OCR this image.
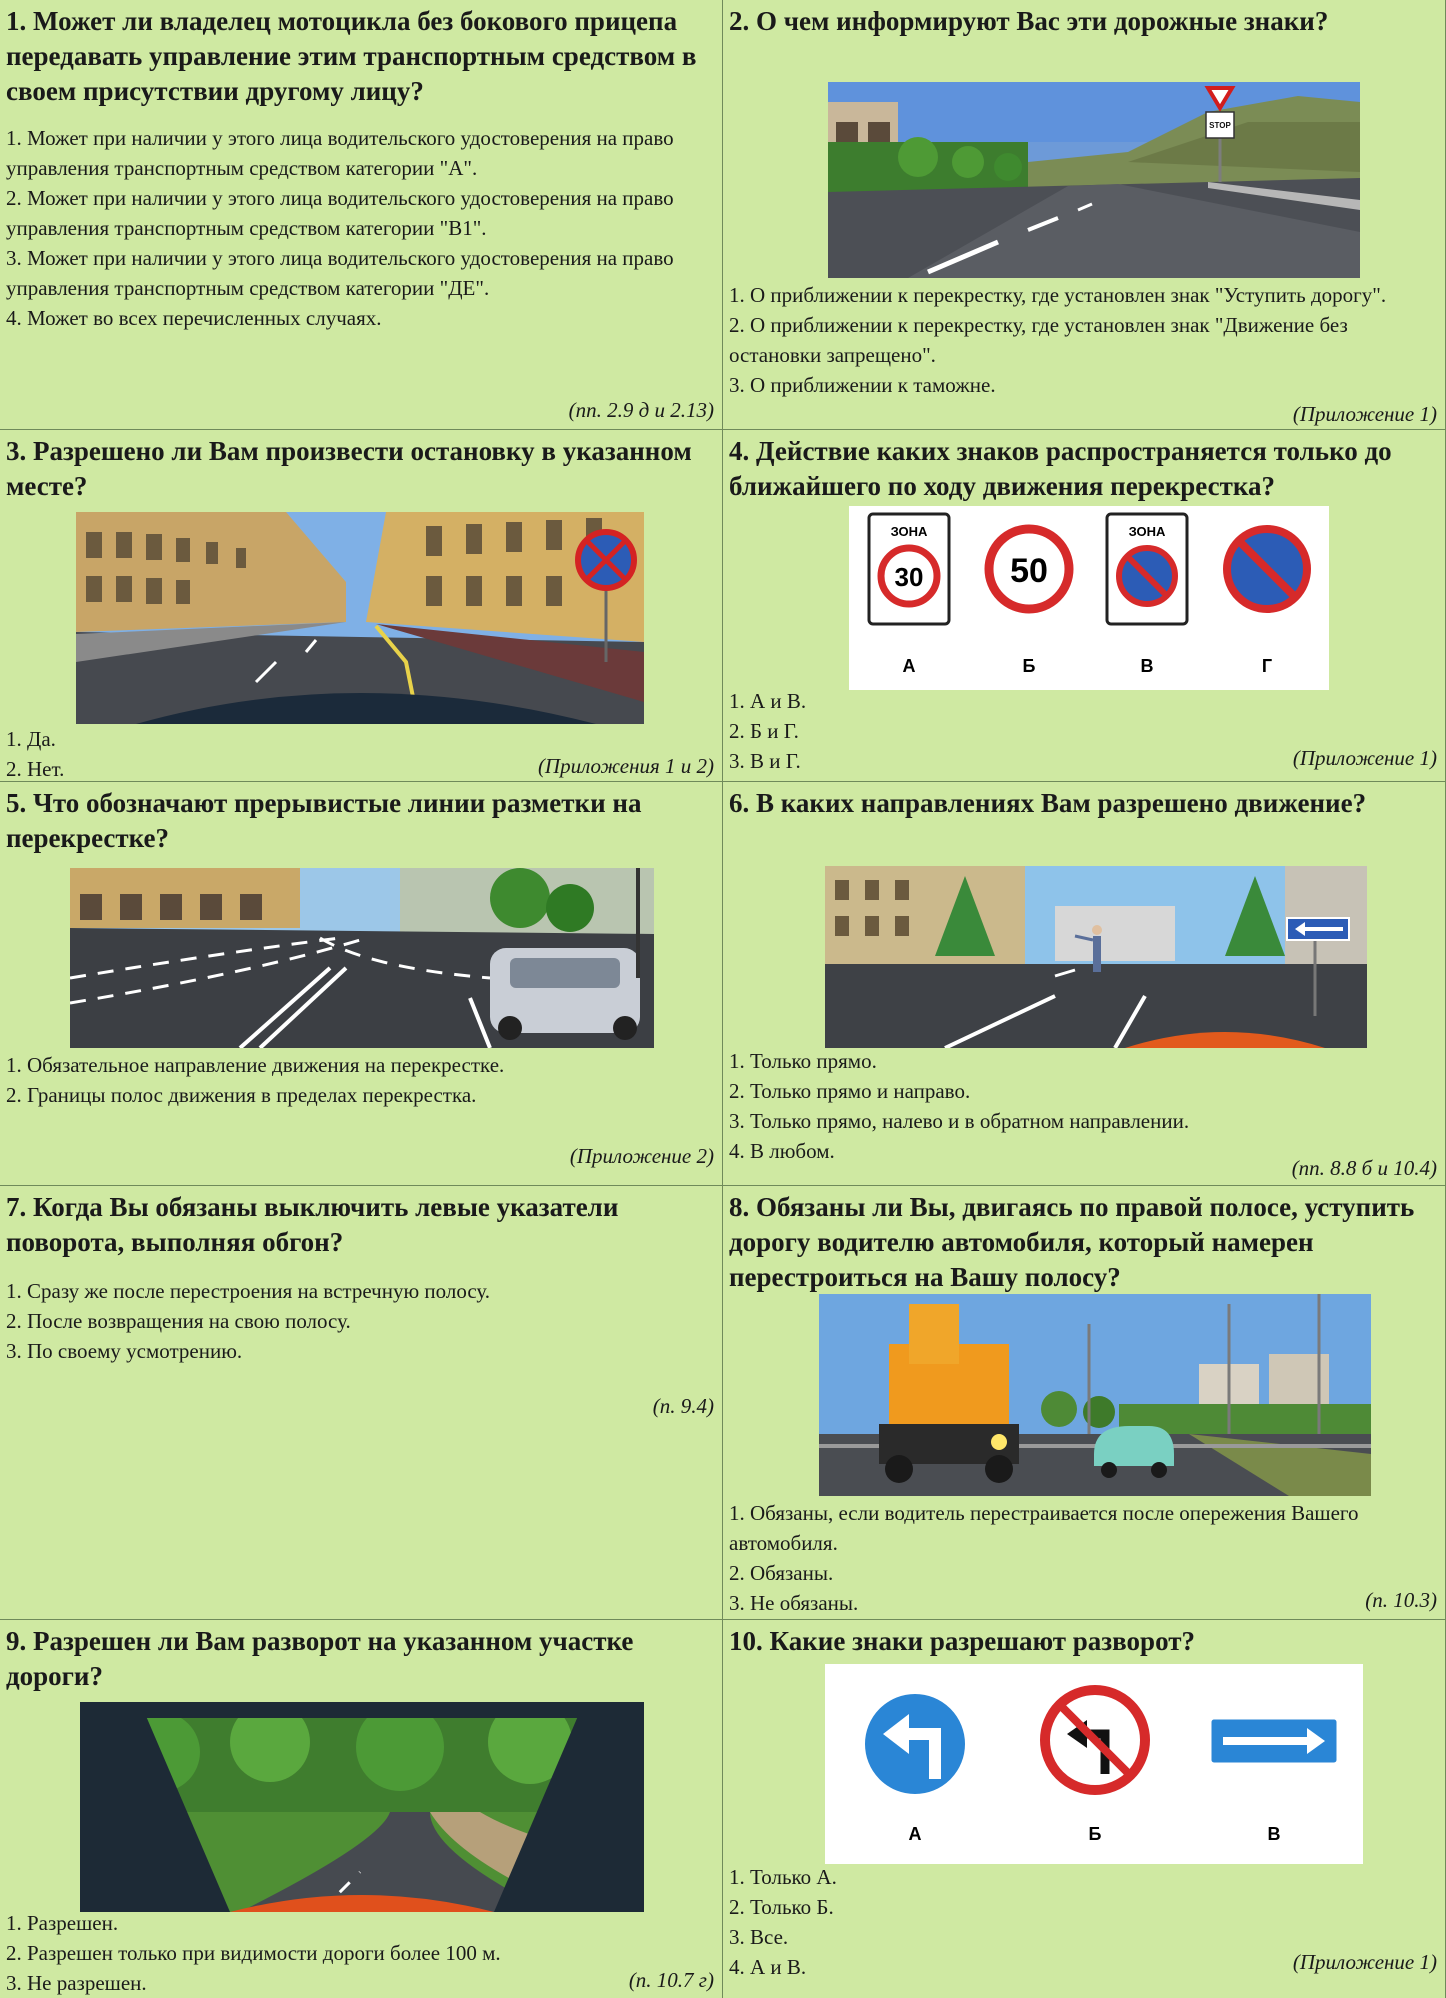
1. Может ли владелец мотоцикла без бокового прицепа передавать управление этим транспортным средством в своем присутствии другому лицу?
1. Может при наличии у этого лица водительского удостоверения на право управления транспортным средством категории "А".
2. Может при наличии у этого лица водительского удостоверения на право управления транспортным средством категории "В1".
3. Может при наличии у этого лица водительского удостоверения на право управления транспортным средством категории "ДЕ".
4. Может во всех перечисленных случаях.
(пп. 2.9 д и 2.13)
2. О чем информируют Вас эти дорожные знаки?
STOP
1. О приближении к перекрестку, где установлен знак "Уступить дорогу".
2. О приближении к перекрестку, где установлен знак "Движение без остановки запрещено".
3. О приближении к таможне.
(Приложение 1)
3. Разрешено ли Вам произвести остановку в указанном месте?
1. Да.
2. Нет.	(Приложения 1 и 2)
4. Действие каких знаков распространяется только до ближайшего по ходу движения перекрестка?
ЗОНА
30	50
ЗОНА
А	Б	В	Г
1. А и В.
2. Б и Г.
3. В и Г.	(Приложение 1)
5. Что обозначают прерывистые линии разметки на перекрестке?
1. Обязательное направление движения на перекрестке.
2. Границы полос движения в пределах перекрестка.
(Приложение 2)
6. В каких направлениях Вам разрешено движение?
1. Только прямо.
2. Только прямо и направо.
3. Только прямо, налево и в обратном направлении.
4. В любом.
(пп. 8.8 б и 10.4)
7. Когда Вы обязаны выключить левые указатели поворота, выполняя обгон?
1. Сразу же после перестроения на встречную полосу.
2. После возвращения на свою полосу.
3. По своему усмотрению.
(п. 9.4)
8. Обязаны ли Вы, двигаясь по правой полосе, уступить дорогу водителю автомобиля, который намерен перестроиться на Вашу полосу?
1. Обязаны, если водитель перестраивается после опережения Вашего автомобиля.
2. Обязаны.
3. Не обязаны.	(п. 10.3)
9. Разрешен ли Вам разворот на указанном участке дороги?
1. Разрешен.
2. Разрешен только при видимости дороги более 100 м.
3. Не разрешен.	(п. 10.7 г)
10. Какие знаки разрешают разворот?
А	Б	В
1. Только А.
2. Только Б.
3. Все.
4. А и В.	(Приложение 1)
